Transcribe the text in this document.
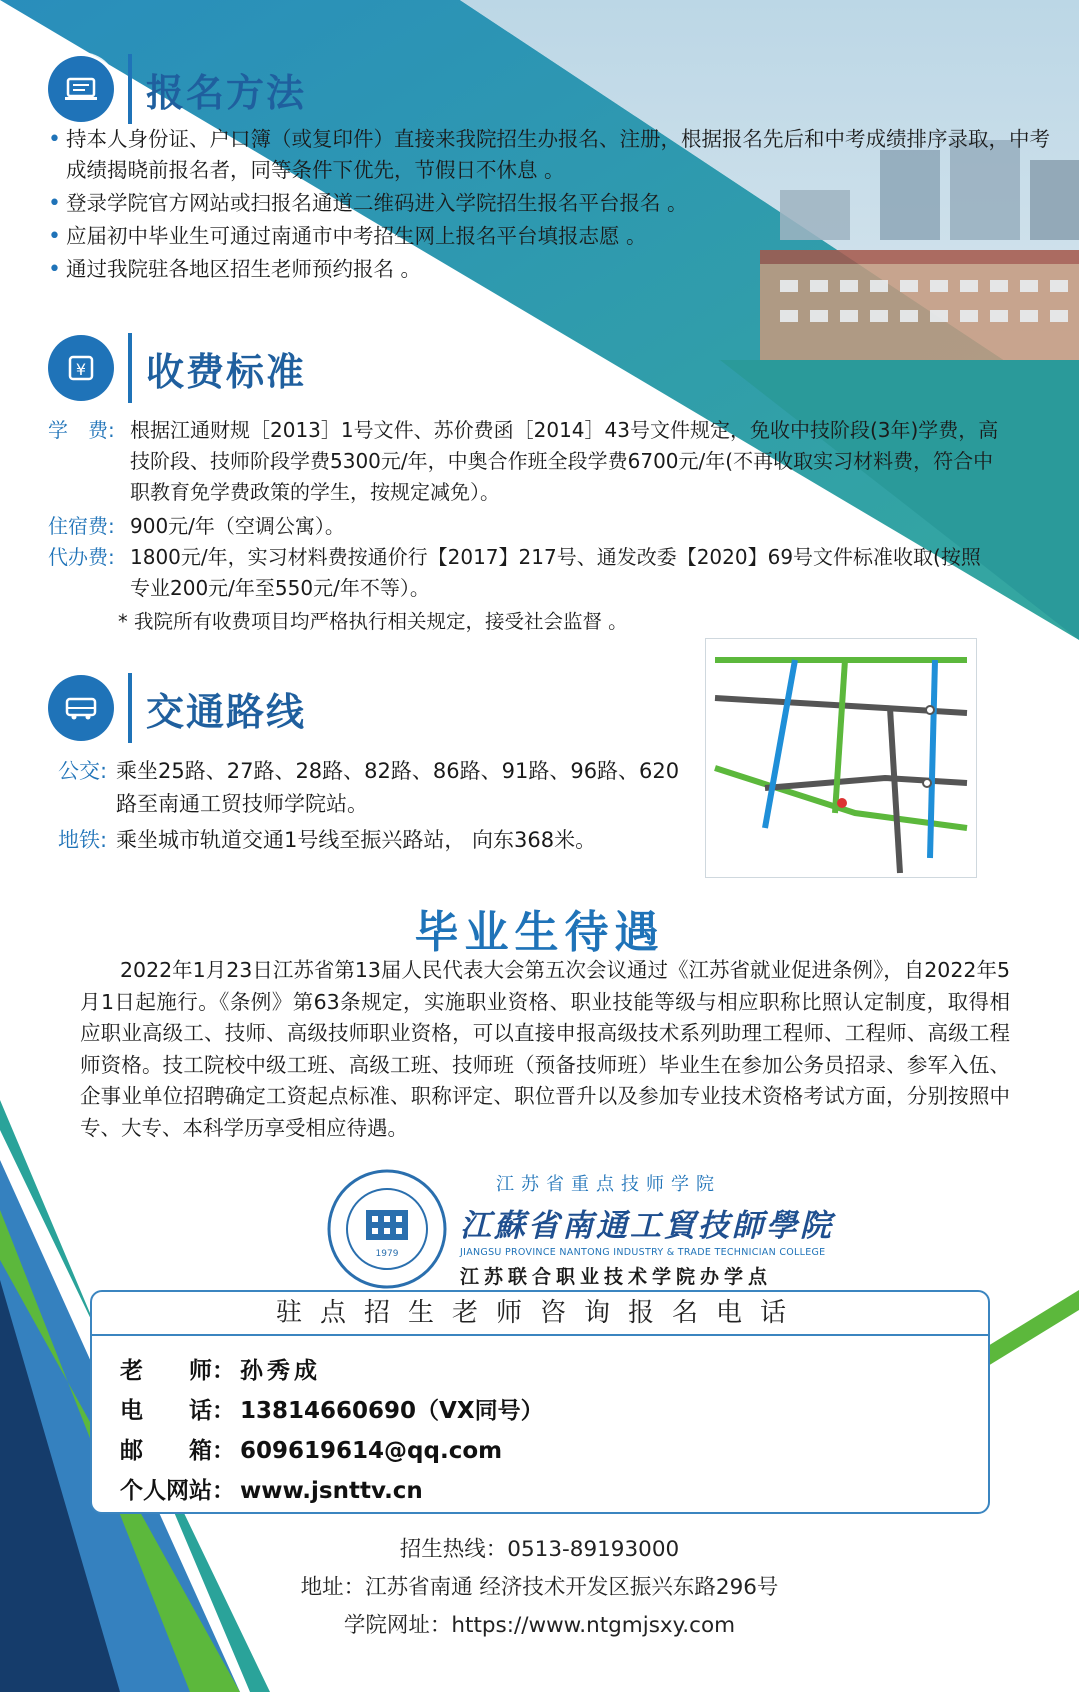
报名方法
• 持本人身份证、户口簿（或复印件）直接来我院招生办报名、注册，根据报名先后和中考成绩排序录取，中考成绩揭晓前报名者，同等条件下优先，节假日不休息 。
• 登录学院官方网站或扫报名通道二维码进入学院招生报名平台报名 。
• 应届初中毕业生可通过南通市中考招生网上报名平台填报志愿 。
• 通过我院驻各地区招生老师预约报名 。
¥ 收费标准
学　费: 根据江通财规［2013］1号文件、苏价费函［2014］43号文件规定，免收中技阶段(3年)学费，高技阶段、技师阶段学费5300元/年，中奥合作班全段学费6700元/年(不再收取实习材料费，符合中职教育免学费政策的学生，按规定减免）。
住宿费: 900元/年（空调公寓）。
代办费: 1800元/年，实习材料费按通价行【2017】217号、通发改委【2020】69号文件标准收取(按照专业200元/年至550元/年不等）。
* 我院所有收费项目均严格执行相关规定，接受社会监督 。
交通路线
公交: 乘坐25路、27路、28路、82路、86路、91路、96路、620路至南通工贸技师学院站。
地铁: 乘坐城市轨道交通1号线至振兴路站， 向东368米。
毕业生待遇
2022年1月23日江苏省第13届人民代表大会第五次会议通过《江苏省就业促进条例》，自2022年5月1日起施行。《条例》第63条规定，实施职业资格、职业技能等级与相应职称比照认定制度，取得相应职业高级工、技师、高级技师职业资格，可以直接申报高级技术系列助理工程师、工程师、高级工程师资格。技工院校中级工班、高级工班、技师班（预备技师班）毕业生在参加公务员招录、参军入伍、企事业单位招聘确定工资起点标准、职称评定、职位晋升以及参加专业技术资格考试方面，分别按照中专、大专、本科学历享受相应待遇。
1979
江苏省重点技师学院
江蘇省南通工貿技師學院
JIANGSU PROVINCE NANTONG INDUSTRY & TRADE TECHNICIAN COLLEGE
江苏联合职业技术学院办学点
驻点招生老师咨询报名电话
老　　师： 孙秀成
电　　话： 13814660690（VX同号）
邮　　箱： 609619614@qq.com
个人网站： www.jsnttv.cn
招生热线：0513-89193000
地址：江苏省南通 经济技术开发区振兴东路296号
学院网址：https://www.ntgmjsxy.com
